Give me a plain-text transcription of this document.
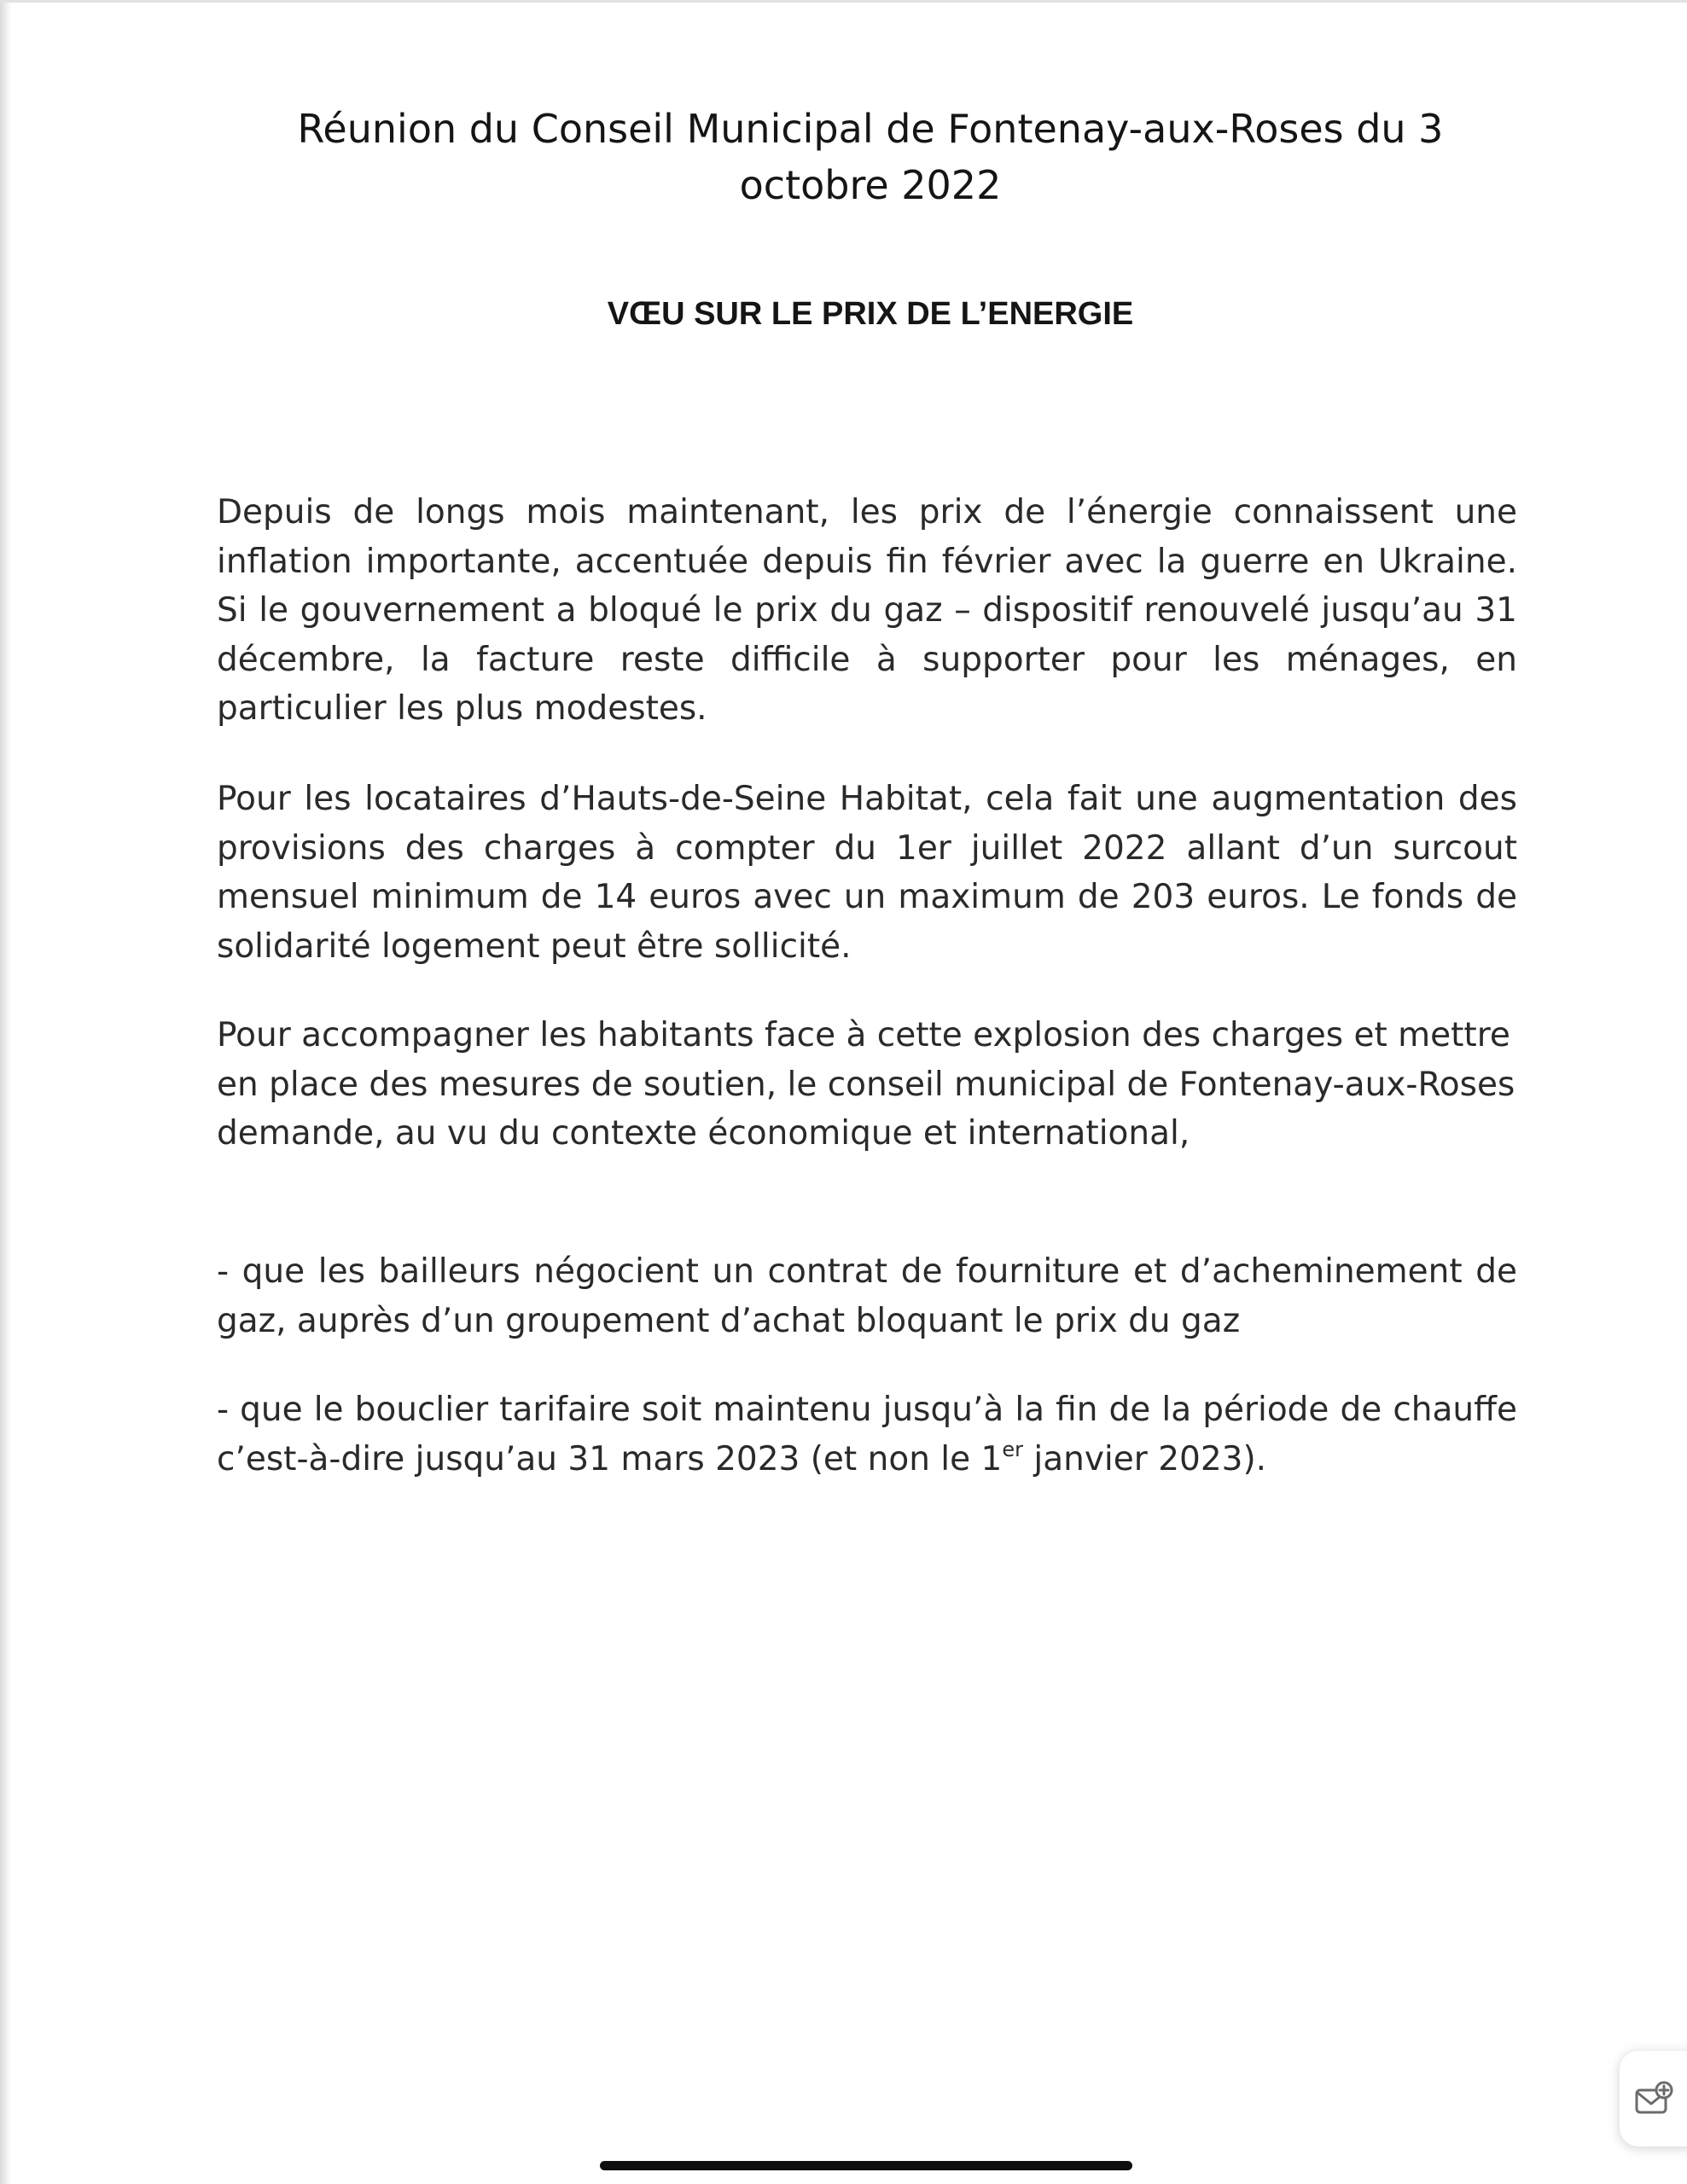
Réunion du Conseil Municipal de Fontenay-aux-Roses du 3 octobre 2022
VŒU SUR LE PRIX DE L’ENERGIE

Depuis de longs mois maintenant, les prix de l’énergie connaissent une inflation importante, accentuée depuis fin février avec la guerre en Ukraine. Si le gouvernement a bloqué le prix du gaz – dispositif renouvelé jusqu’au 31 décembre, la facture reste difficile à supporter pour les ménages, en particulier les plus modestes.

Pour les locataires d’Hauts-de-Seine Habitat, cela fait une augmentation des provisions des charges à compter du 1er juillet 2022 allant d’un surcout mensuel minimum de 14 euros avec un maximum de 203 euros. Le fonds de solidarité logement peut être sollicité.

Pour accompagner les habitants face à cette explosion des charges et mettre en place des mesures de soutien, le conseil municipal de Fontenay-aux-Roses demande, au vu du contexte économique et international,

- que les bailleurs négocient un contrat de fourniture et d’acheminement de gaz, auprès d’un groupement d’achat bloquant le prix du gaz

- que le bouclier tarifaire soit maintenu jusqu’à la fin de la période de chauffe c’est-à-dire jusqu’au 31 mars 2023 (et non le 1er janvier 2023).
